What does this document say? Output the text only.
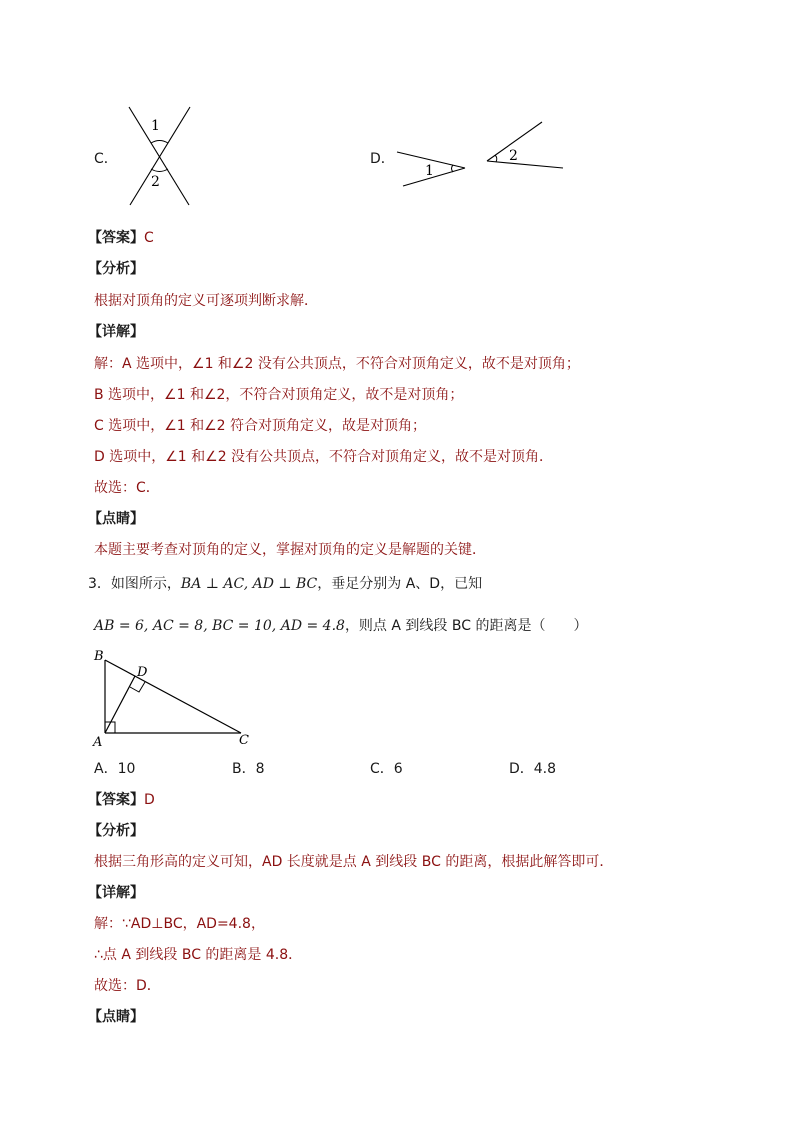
C．
1
2
D．
1
2
【答案】C
【分析】
根据对顶角的定义可逐项判断求解．
【详解】
解：A 选项中，∠1 和∠2 没有公共顶点，不符合对顶角定义，故不是对顶角；
B 选项中，∠1 和∠2，不符合对顶角定义，故不是对顶角；
C 选项中，∠1 和∠2 符合对顶角定义，故是对顶角；
D 选项中，∠1 和∠2 没有公共顶点，不符合对顶角定义，故不是对顶角．
故选：C．
【点睛】
本题主要考查对顶角的定义，掌握对顶角的定义是解题的关键．
3．如图所示，BA ⊥ AC, AD ⊥ BC，垂足分别为 A、D，已知
AB = 6, AC = 8, BC = 10, AD = 4.8，则点 A 到线段 BC 的距离是（　　）
B
D
A	C
A．10	B．8	C．6	D．4.8
【答案】D
【分析】
根据三角形高的定义可知，AD 长度就是点 A 到线段 BC 的距离，根据此解答即可．
【详解】
解：∵AD⊥BC，AD=4.8，
∴点 A 到线段 BC 的距离是 4.8．
故选：D．
【点睛】
